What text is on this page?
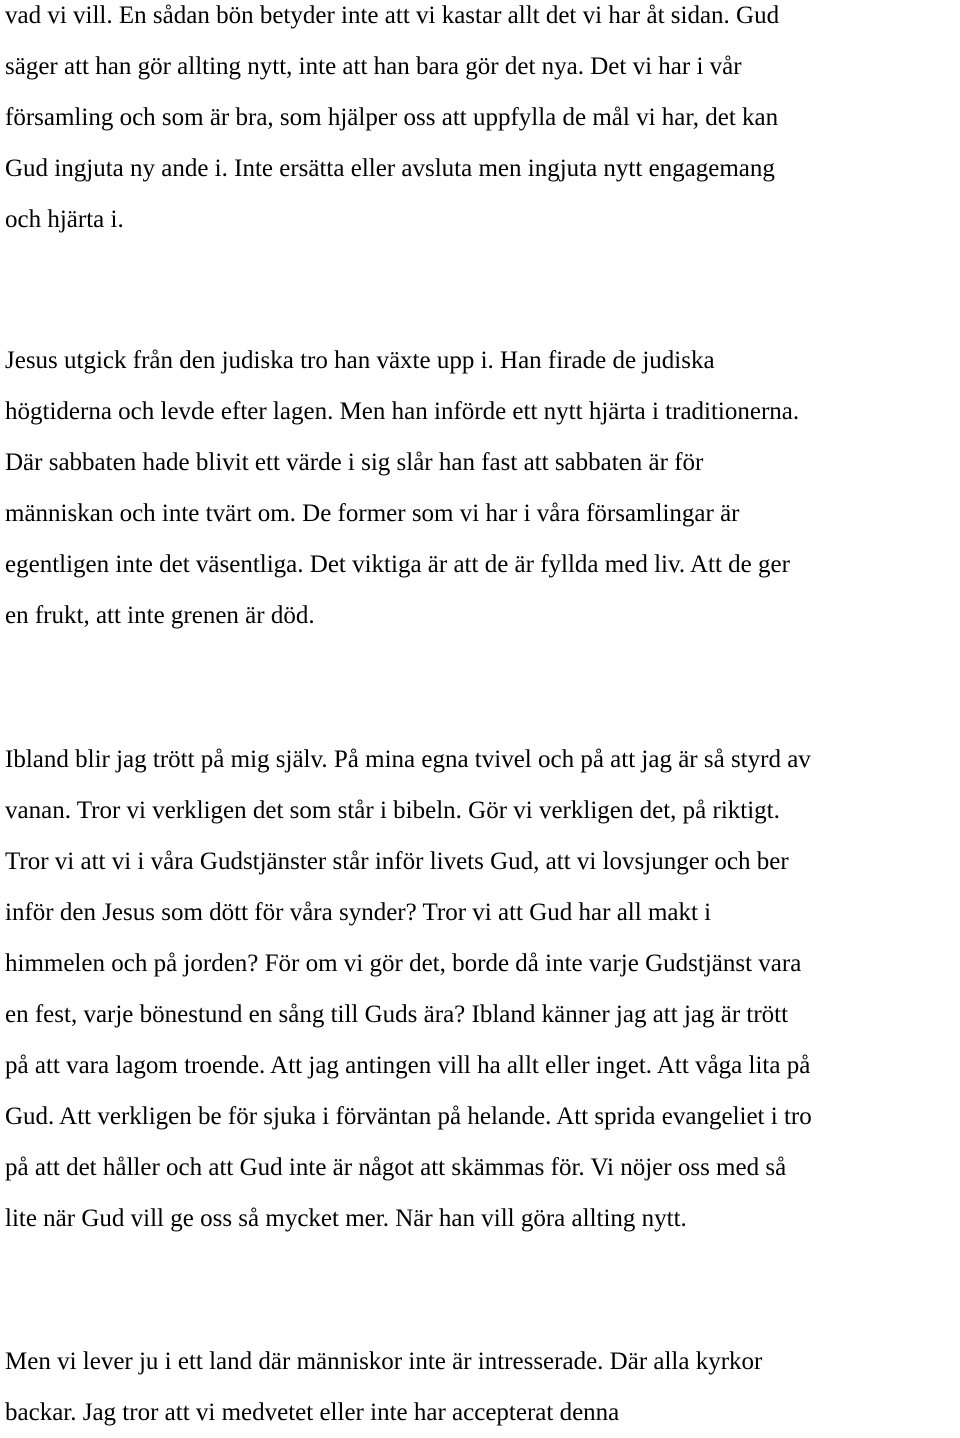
vad vi vill. En sådan bön betyder inte att vi kastar allt det vi har åt sidan. Gud
säger att han gör allting nytt, inte att han bara gör det nya. Det vi har i vår
församling och som är bra, som hjälper oss att uppfylla de mål vi har, det kan
Gud ingjuta ny ande i. Inte ersätta eller avsluta men ingjuta nytt engagemang
och hjärta i.
Jesus utgick från den judiska tro han växte upp i. Han firade de judiska
högtiderna och levde efter lagen. Men han införde ett nytt hjärta i traditionerna.
Där sabbaten hade blivit ett värde i sig slår han fast att sabbaten är för
människan och inte tvärt om. De former som vi har i våra församlingar är
egentligen inte det väsentliga. Det viktiga är att de är fyllda med liv. Att de ger
en frukt, att inte grenen är död.
Ibland blir jag trött på mig själv. På mina egna tvivel och på att jag är så styrd av
vanan. Tror vi verkligen det som står i bibeln. Gör vi verkligen det, på riktigt.
Tror vi att vi i våra Gudstjänster står inför livets Gud, att vi lovsjunger och ber
inför den Jesus som dött för våra synder? Tror vi att Gud har all makt i
himmelen och på jorden? För om vi gör det, borde då inte varje Gudstjänst vara
en fest, varje bönestund en sång till Guds ära? Ibland känner jag att jag är trött
på att vara lagom troende. Att jag antingen vill ha allt eller inget. Att våga lita på
Gud. Att verkligen be för sjuka i förväntan på helande. Att sprida evangeliet i tro
på att det håller och att Gud inte är något att skämmas för. Vi nöjer oss med så
lite när Gud vill ge oss så mycket mer. När han vill göra allting nytt.
Men vi lever ju i ett land där människor inte är intresserade. Där alla kyrkor
backar. Jag tror att vi medvetet eller inte har accepterat denna
